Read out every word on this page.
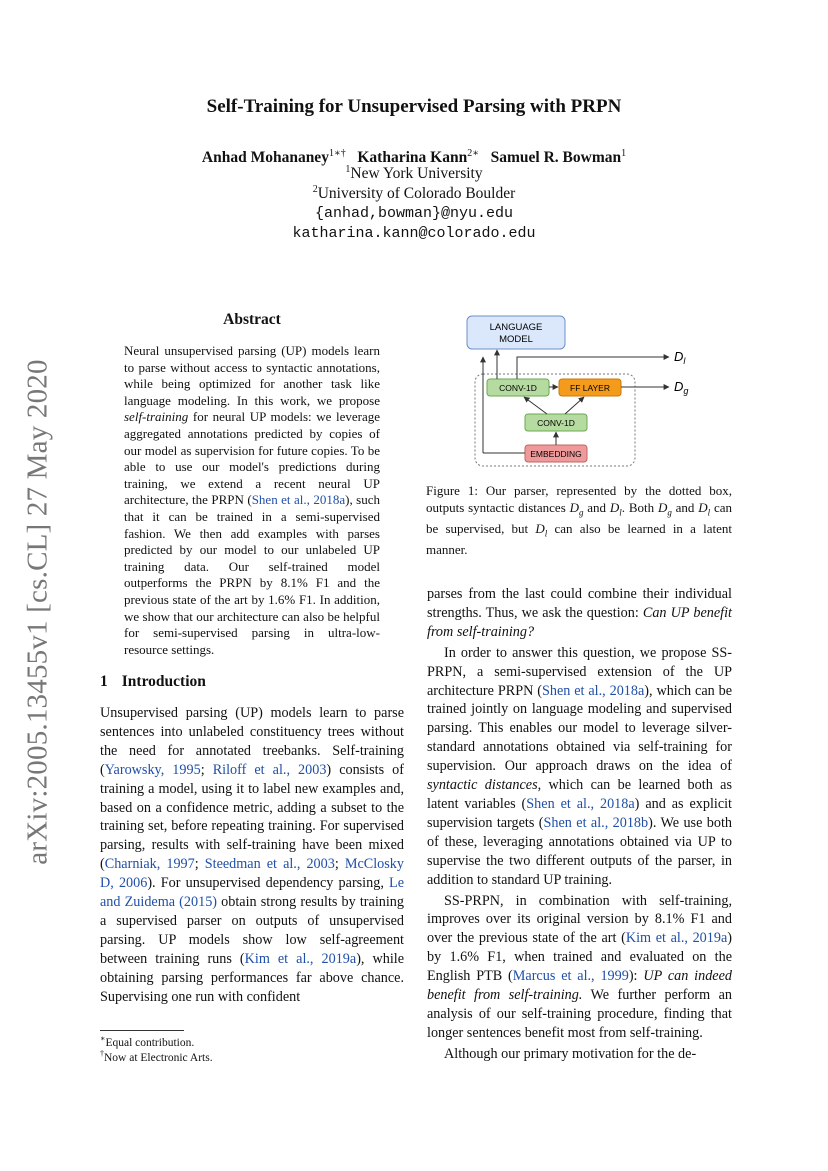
arXiv:2005.13455v1 [cs.CL] 27 May 2020
Self-Training for Unsupervised Parsing with PRPN
Anhad Mohananey$^{1∗\dagger}$ Katharina Kann$^{2∗}$ Samuel R. Bowman$^1$
$^1$New York University
$^2$University of Colorado Boulder
{anhad,bowman}@nyu.edu
katharina.kann@colorado.edu
Abstract
Neural unsupervised parsing (UP) models learn to parse without access to syntactic annotations, while being optimized for another task like language modeling. In this work, we propose self-training for neural UP models: we leverage aggregated annotations predicted by copies of our model as supervision for future copies. To be able to use our model's predictions during training, we extend a recent neural UP architecture, the PRPN (Shen et al., 2018a), such that it can be trained in a semi-supervised fashion. We then add examples with parses predicted by our model to our unlabeled UP training data. Our self-trained model outperforms the PRPN by 8.1% F1 and the previous state of the art by 1.6% F1. In addition, we show that our architecture can also be helpful for semi-supervised parsing in ultra-low-resource settings.
1 Introduction

Unsupervised parsing (UP) models learn to parse sentences into unlabeled constituency trees without the need for annotated treebanks. Self-training (Yarowsky, 1995; Riloff et al., 2003) consists of training a model, using it to label new examples and, based on a confidence metric, adding a subset to the training set, before repeating training. For supervised parsing, results with self-training have been mixed (Charniak, 1997; Steedman et al., 2003; McClosky D, 2006). For unsupervised dependency parsing, Le and Zuidema (2015) obtain strong results by training a supervised parser on outputs of unsupervised parsing. UP models show low self-agreement between training runs (Kim et al., 2019a), while obtaining parsing performances far above chance. Supervising one run with confident

∗Equal contribution.
†Now at Electronic Arts.
LANGUAGE
MODEL
CONV-1D	FF LAYER
CONV-1D
EMBEDDING
$D_l$
$D_g$
Figure 1: Our parser, represented by the dotted box, outputs syntactic distances $D_g$ and $D_l$. Both $D_g$ and $D_l$ can be supervised, but $D_l$ can also be learned in a latent manner.

parses from the last could combine their individual strengths. Thus, we ask the question: Can UP benefit from self-training?

In order to answer this question, we propose SS-PRPN, a semi-supervised extension of the UP architecture PRPN (Shen et al., 2018a), which can be trained jointly on language modeling and supervised parsing. This enables our model to leverage silver-standard annotations obtained via self-training for supervision. Our approach draws on the idea of syntactic distances, which can be learned both as latent variables (Shen et al., 2018a) and as explicit supervision targets (Shen et al., 2018b). We use both of these, leveraging annotations obtained via UP to supervise the two different outputs of the parser, in addition to standard UP training.

SS-PRPN, in combination with self-training, improves over its original version by 8.1% F1 and over the previous state of the art (Kim et al., 2019a) by 1.6% F1, when trained and evaluated on the English PTB (Marcus et al., 1999): UP can indeed benefit from self-training. We further perform an analysis of our self-training procedure, finding that longer sentences benefit most from self-training.

Although our primary motivation for the de-
